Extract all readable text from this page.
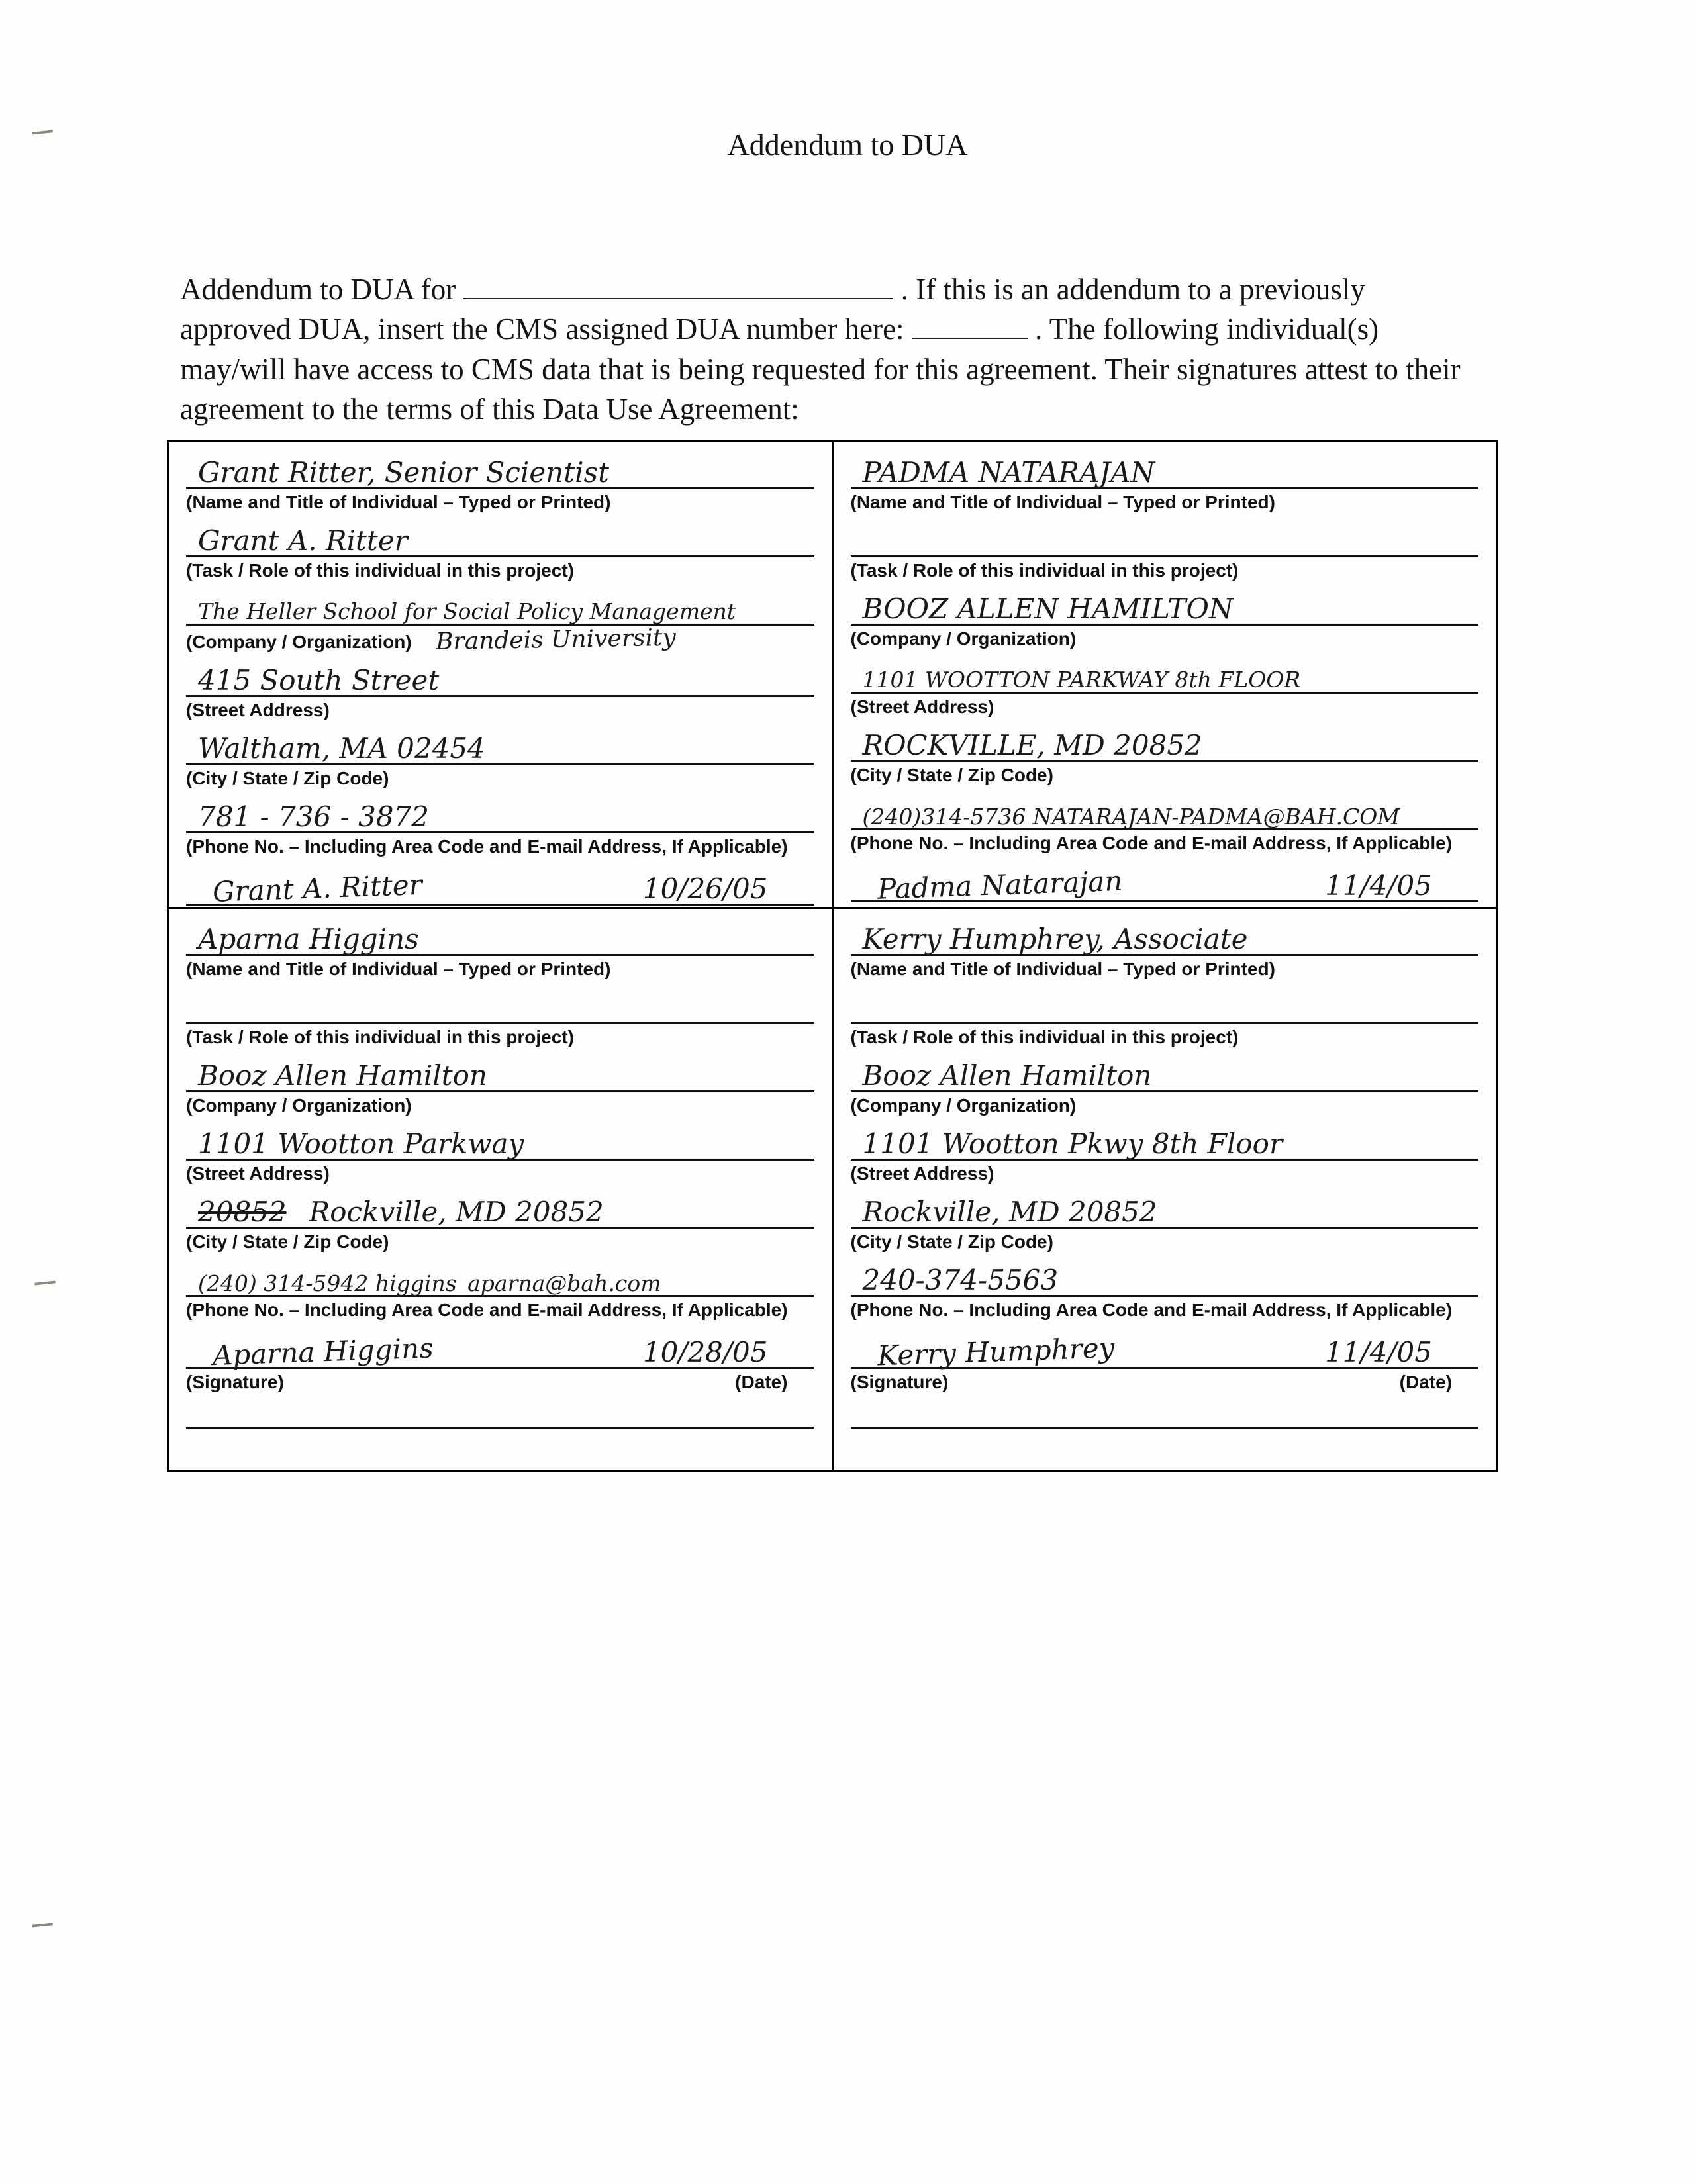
Addendum to DUA

Addendum to DUA for	. If this is an addendum to a previously approved DUA, insert the CMS assigned DUA number here:	. The following individual(s) may/will have access to CMS data that is being requested for this agreement. Their signatures attest to their agreement to the terms of this Data Use Agreement:

Grant Ritter, Senior Scientist
(Name and Title of Individual – Typed or Printed)
Grant A. Ritter
(Task / Role of this individual in this project)
The Heller School for Social Policy Management
(Company / Organization) Brandeis University
415 South Street
(Street Address)
Waltham, MA 02454
(City / State / Zip Code)
781 - 736 - 3872
(Phone No. – Including Area Code and E-mail Address, If Applicable)
Grant A. Ritter	10/26/05
PADMA NATARAJAN
(Name and Title of Individual – Typed or Printed)
(Task / Role of this individual in this project)
BOOZ ALLEN HAMILTON
(Company / Organization)
1101 WOOTTON PARKWAY 8th FLOOR
(Street Address)
ROCKVILLE, MD 20852
(City / State / Zip Code)
(240)314-5736 NATARAJAN-PADMA@BAH.COM
(Phone No. – Including Area Code and E-mail Address, If Applicable)
Padma Natarajan	11/4/05
Aparna Higgins
(Name and Title of Individual – Typed or Printed)
(Task / Role of this individual in this project)
Booz Allen Hamilton
(Company / Organization)
1101 Wootton Parkway
(Street Address)
20852 Rockville, MD 20852
(City / State / Zip Code)
(240) 314-5942 higgins_aparna@bah.com
(Phone No. – Including Area Code and E-mail Address, If Applicable)
Aparna Higgins	10/28/05
(Signature)	(Date)
Kerry Humphrey, Associate
(Name and Title of Individual – Typed or Printed)
(Task / Role of this individual in this project)
Booz Allen Hamilton
(Company / Organization)
1101 Wootton Pkwy 8th Floor
(Street Address)
Rockville, MD 20852
(City / State / Zip Code)
240-374-5563
(Phone No. – Including Area Code and E-mail Address, If Applicable)
Kerry Humphrey	11/4/05
(Signature)	(Date)
